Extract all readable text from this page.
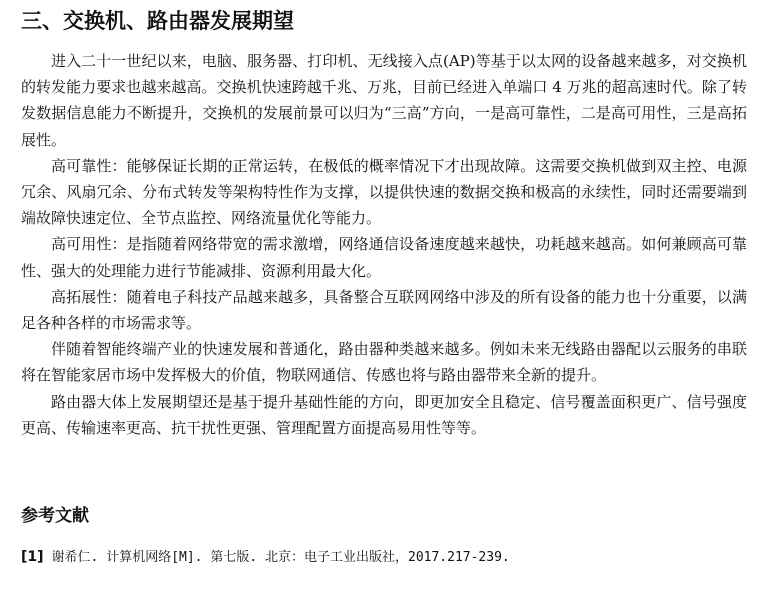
三、交换机、路由器发展期望

进入二十一世纪以来，电脑、服务器、打印机、无线接入点(AP)等基于以太网的设备越来越多，对交换机的转发能力要求也越来越高。交换机快速跨越千兆、万兆，目前已经进入单端口 4 万兆的超高速时代。除了转发数据信息能力不断提升，交换机的发展前景可以归为“三高”方向，一是高可靠性，二是高可用性，三是高拓展性。

高可靠性：能够保证长期的正常运转，在极低的概率情况下才出现故障。这需要交换机做到双主控、电源冗余、风扇冗余、分布式转发等架构特性作为支撑，以提供快速的数据交换和极高的永续性，同时还需要端到端故障快速定位、全节点监控、网络流量优化等能力。

高可用性：是指随着网络带宽的需求激增，网络通信设备速度越来越快，功耗越来越高。如何兼顾高可靠性、强大的处理能力进行节能减排、资源利用最大化。

高拓展性：随着电子科技产品越来越多，具备整合互联网网络中涉及的所有设备的能力也十分重要，以满足各种各样的市场需求等。

伴随着智能终端产业的快速发展和普通化，路由器种类越来越多。例如未来无线路由器配以云服务的串联将在智能家居市场中发挥极大的价值，物联网通信、传感也将与路由器带来全新的提升。

路由器大体上发展期望还是基于提升基础性能的方向，即更加安全且稳定、信号覆盖面积更广、信号强度更高、传输速率更高、抗干扰性更强、管理配置方面提高易用性等等。

参考文献
[1] 谢希仁. 计算机网络[M]. 第七版. 北京：电子工业出版社，2017.217-239.
